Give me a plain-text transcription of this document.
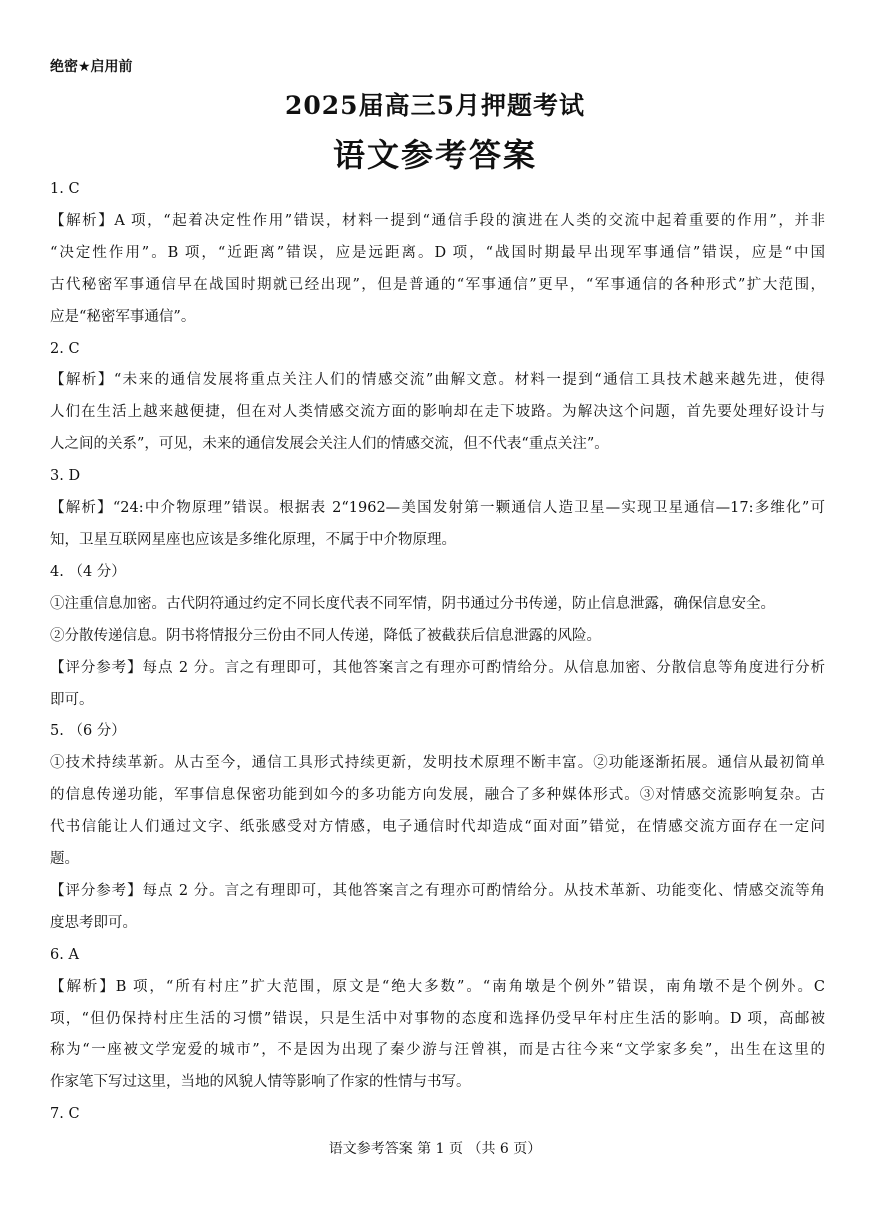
绝密★启用前
2025届高三5月押题考试
语文参考答案
1. C
【解析】A 项，“起着决定性作用”错误，材料一提到“通信手段的演进在人类的交流中起着重要的作用”，并非
“决定性作用”。B 项，“近距离”错误，应是远距离。D 项，“战国时期最早出现军事通信”错误，应是“中国
古代秘密军事通信早在战国时期就已经出现”，但是普通的“军事通信”更早，“军事通信的各种形式”扩大范围，
应是“秘密军事通信”。
2. C
【解析】“未来的通信发展将重点关注人们的情感交流”曲解文意。材料一提到“通信工具技术越来越先进，使得
人们在生活上越来越便捷，但在对人类情感交流方面的影响却在走下坡路。为解决这个问题，首先要处理好设计与
人之间的关系”，可见，未来的通信发展会关注人们的情感交流，但不代表“重点关注”。
3. D
【解析】“24:中介物原理”错误。根据表 2“1962—美国发射第一颗通信人造卫星—实现卫星通信—17:多维化”可
知，卫星互联网星座也应该是多维化原理，不属于中介物原理。
4. （4 分）
①注重信息加密。古代阴符通过约定不同长度代表不同军情，阴书通过分书传递，防止信息泄露，确保信息安全。
②分散传递信息。阴书将情报分三份由不同人传递，降低了被截获后信息泄露的风险。
【评分参考】每点 2 分。言之有理即可，其他答案言之有理亦可酌情给分。从信息加密、分散信息等角度进行分析
即可。
5. （6 分）
①技术持续革新。从古至今，通信工具形式持续更新，发明技术原理不断丰富。②功能逐渐拓展。通信从最初简单
的信息传递功能，军事信息保密功能到如今的多功能方向发展，融合了多种媒体形式。③对情感交流影响复杂。古
代书信能让人们通过文字、纸张感受对方情感，电子通信时代却造成“面对面”错觉，在情感交流方面存在一定问
题。
【评分参考】每点 2 分。言之有理即可，其他答案言之有理亦可酌情给分。从技术革新、功能变化、情感交流等角
度思考即可。
6. A
【解析】B 项，“所有村庄”扩大范围，原文是“绝大多数”。“南角墩是个例外”错误，南角墩不是个例外。C
项，“但仍保持村庄生活的习惯”错误，只是生活中对事物的态度和选择仍受早年村庄生活的影响。D 项，高邮被
称为“一座被文学宠爱的城市”，不是因为出现了秦少游与汪曾祺，而是古往今来“文学家多矣”，出生在这里的
作家笔下写过这里，当地的风貌人情等影响了作家的性情与书写。
7. C
语文参考答案 第 1 页 （共 6 页）
